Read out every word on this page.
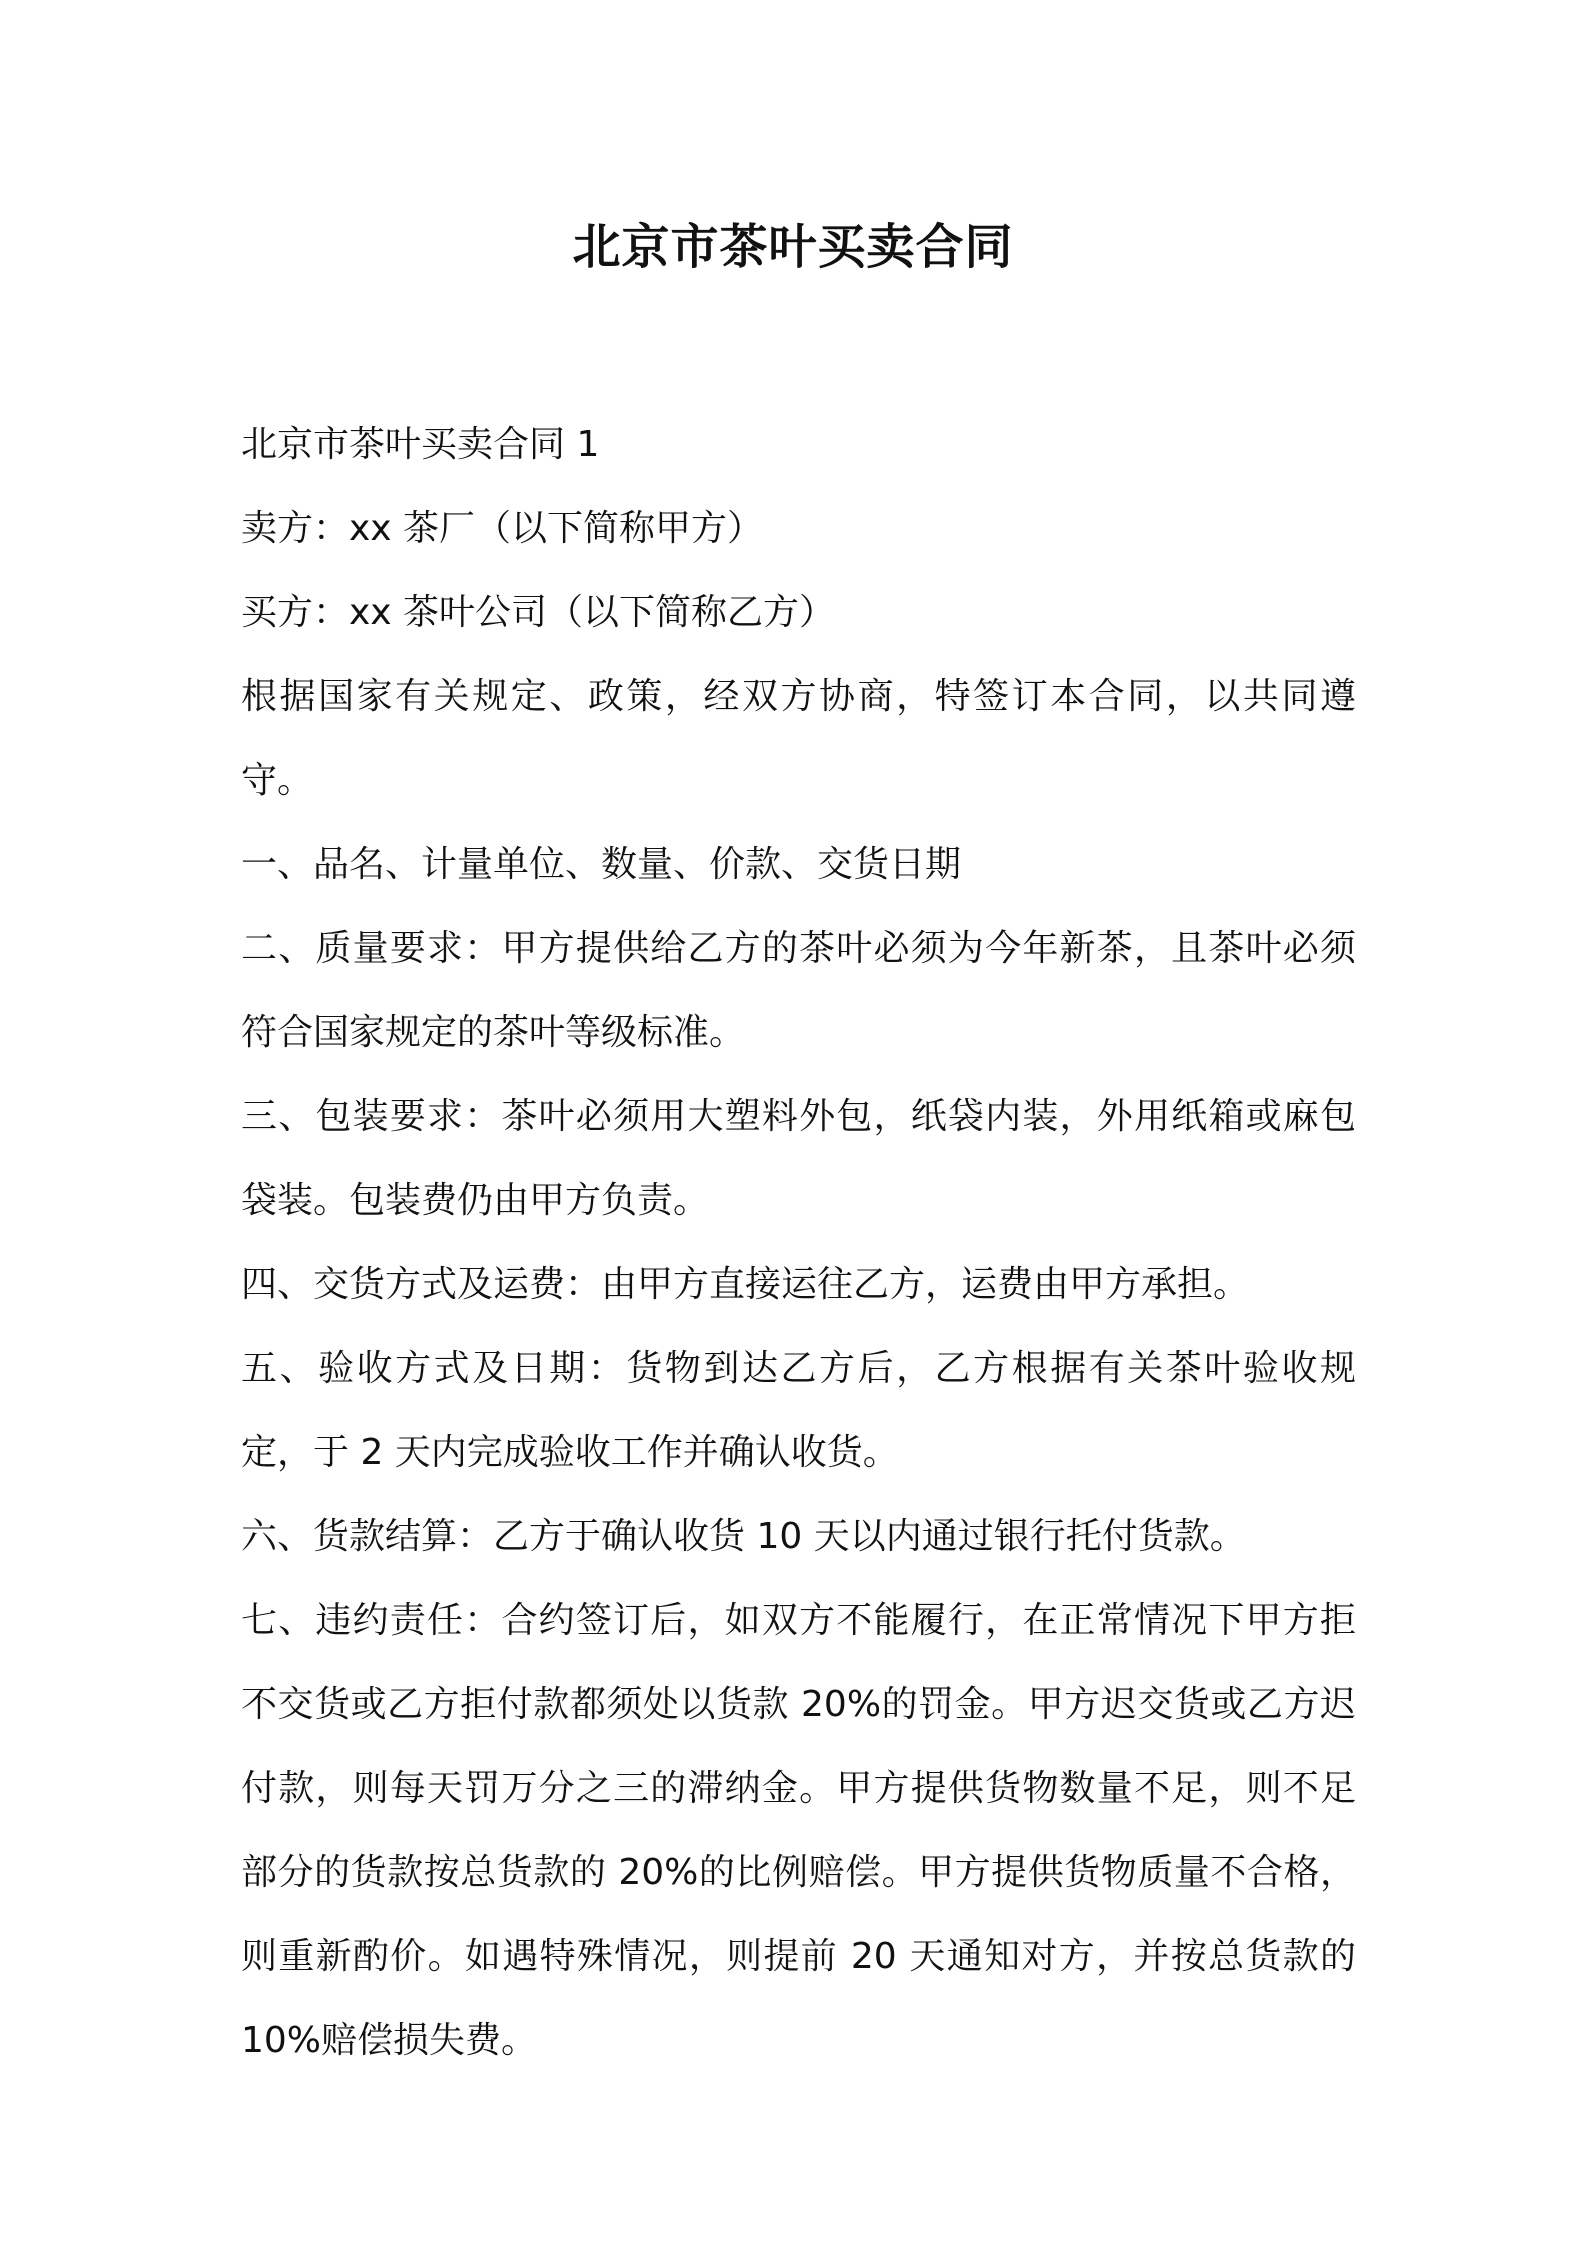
北京市茶叶买卖合同

北京市茶叶买卖合同 1

卖方：xx 茶厂（以下简称甲方）

买方：xx 茶叶公司（以下简称乙方）

根据国家有关规定、政策，经双方协商，特签订本合同，以共同遵守。

一、品名、计量单位、数量、价款、交货日期

二、质量要求：甲方提供给乙方的茶叶必须为今年新茶，且茶叶必须符合国家规定的茶叶等级标准。

三、包装要求：茶叶必须用大塑料外包，纸袋内装，外用纸箱或麻包袋装。包装费仍由甲方负责。

四、交货方式及运费：由甲方直接运往乙方，运费由甲方承担。

五、验收方式及日期：货物到达乙方后，乙方根据有关茶叶验收规定，于 2 天内完成验收工作并确认收货。

六、货款结算：乙方于确认收货 10 天以内通过银行托付货款。

七、违约责任：合约签订后，如双方不能履行，在正常情况下甲方拒不交货或乙方拒付款都须处以货款 20%的罚金。甲方迟交货或乙方迟付款，则每天罚万分之三的滞纳金。甲方提供货物数量不足，则不足部分的货款按总货款的 20%的比例赔偿。甲方提供货物质量不合格，则重新酌价。如遇特殊情况，则提前 20 天通知对方，并按总货款的 10%赔偿损失费。
